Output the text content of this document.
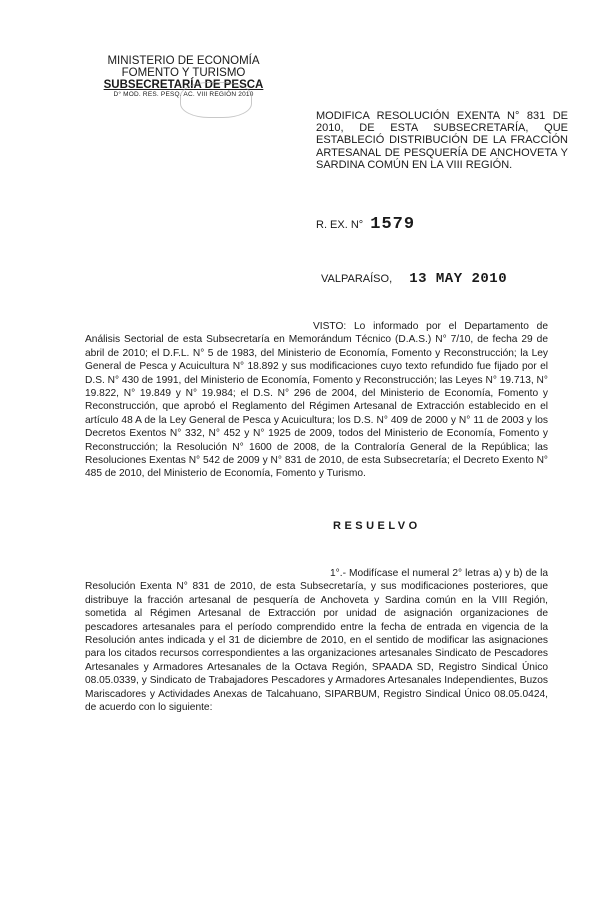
MINISTERIO DE ECONOMÍA
FOMENTO Y TURISMO
SUBSECRETARÍA DE PESCA
D° MOD. RES. PESQ. AC. VIII REGIÓN 2010
MODIFICA RESOLUCIÓN EXENTA N° 831 DE 2010, DE ESTA SUBSECRETARÍA, QUE ESTABLECIÓ DISTRIBUCIÓN DE LA FRACCIÓN ARTESANAL DE PESQUERÍA DE ANCHOVETA Y SARDINA COMÚN EN LA VIII REGIÓN.
R. EX. N° 1579
VALPARAÍSO, 13 MAY 2010
VISTO: Lo informado por el Departamento de Análisis Sectorial de esta Subsecretaría en Memorándum Técnico (D.A.S.) N° 7/10, de fecha 29 de abril de 2010; el D.F.L. N° 5 de 1983, del Ministerio de Economía, Fomento y Reconstrucción; la Ley General de Pesca y Acuicultura N° 18.892 y sus modificaciones cuyo texto refundido fue fijado por el D.S. N° 430 de 1991, del Ministerio de Economía, Fomento y Reconstrucción; las Leyes N° 19.713, N° 19.822, N° 19.849 y N° 19.984; el D.S. N° 296 de 2004, del Ministerio de Economía, Fomento y Reconstrucción, que aprobó el Reglamento del Régimen Artesanal de Extracción establecido en el artículo 48 A de la Ley General de Pesca y Acuicultura; los D.S. N° 409 de 2000 y N° 11 de 2003 y los Decretos Exentos N° 332, N° 452 y N° 1925 de 2009, todos del Ministerio de Economía, Fomento y Reconstrucción; la Resolución N° 1600 de 2008, de la Contraloría General de la República; las Resoluciones Exentas N° 542 de 2009 y N° 831 de 2010, de esta Subsecretaría; el Decreto Exento N° 485 de 2010, del Ministerio de Economía, Fomento y Turismo.
RESUELVO
1°.- Modifícase el numeral 2° letras a) y b) de la Resolución Exenta N° 831 de 2010, de esta Subsecretaría, y sus modificaciones posteriores, que distribuye la fracción artesanal de pesquería de Anchoveta y Sardina común en la VIII Región, sometida al Régimen Artesanal de Extracción por unidad de asignación organizaciones de pescadores artesanales para el período comprendido entre la fecha de entrada en vigencia de la Resolución antes indicada y el 31 de diciembre de 2010, en el sentido de modificar las asignaciones para los citados recursos correspondientes a las organizaciones artesanales Sindicato de Pescadores Artesanales y Armadores Artesanales de la Octava Región, SPAADA SD, Registro Sindical Único 08.05.0339, y Sindicato de Trabajadores Pescadores y Armadores Artesanales Independientes, Buzos Mariscadores y Actividades Anexas de Talcahuano, SIPARBUM, Registro Sindical Único 08.05.0424, de acuerdo con lo siguiente:
